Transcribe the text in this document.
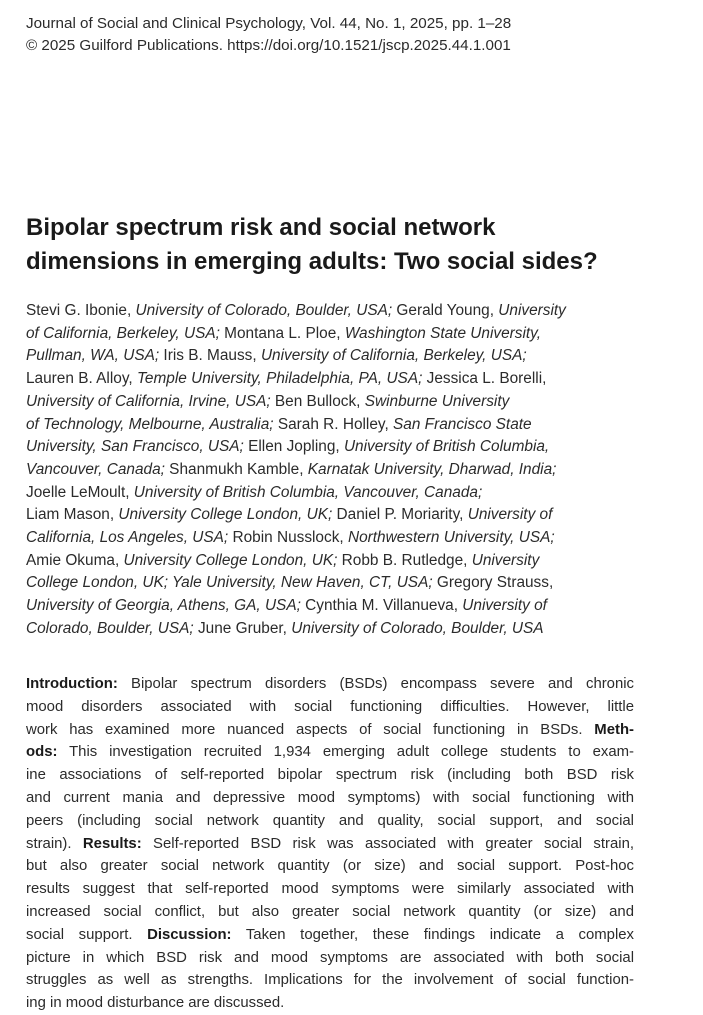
Journal of Social and Clinical Psychology, Vol. 44, No. 1, 2025, pp. 1–28
© 2025 Guilford Publications. https://doi.org/10.1521/jscp.2025.44.1.001
Bipolar spectrum risk and social network
dimensions in emerging adults: Two social sides?
Stevi G. Ibonie, University of Colorado, Boulder, USA; Gerald Young, University
of California, Berkeley, USA; Montana L. Ploe, Washington State University,
Pullman, WA, USA; Iris B. Mauss, University of California, Berkeley, USA;
Lauren B. Alloy, Temple University, Philadelphia, PA, USA; Jessica L. Borelli,
University of California, Irvine, USA; Ben Bullock, Swinburne University
of Technology, Melbourne, Australia; Sarah R. Holley, San Francisco State
University, San Francisco, USA; Ellen Jopling, University of British Columbia,
Vancouver, Canada; Shanmukh Kamble, Karnatak University, Dharwad, India;
Joelle LeMoult, University of British Columbia, Vancouver, Canada;
Liam Mason, University College London, UK; Daniel P. Moriarity, University of
California, Los Angeles, USA; Robin Nusslock, Northwestern University, USA;
Amie Okuma, University College London, UK; Robb B. Rutledge, University
College London, UK; Yale University, New Haven, CT, USA; Gregory Strauss,
University of Georgia, Athens, GA, USA; Cynthia M. Villanueva, University of
Colorado, Boulder, USA; June Gruber, University of Colorado, Boulder, USA
Introduction: Bipolar spectrum disorders (BSDs) encompass severe and chronic
mood disorders associated with social functioning difficulties. However, little
work has examined more nuanced aspects of social functioning in BSDs. Meth-
ods: This investigation recruited 1,934 emerging adult college students to exam-
ine associations of self-reported bipolar spectrum risk (including both BSD risk
and current mania and depressive mood symptoms) with social functioning with
peers (including social network quantity and quality, social support, and social
strain). Results: Self-reported BSD risk was associated with greater social strain,
but also greater social network quantity (or size) and social support. Post-hoc
results suggest that self-reported mood symptoms were similarly associated with
increased social conflict, but also greater social network quantity (or size) and
social support. Discussion: Taken together, these findings indicate a complex
picture in which BSD risk and mood symptoms are associated with both social
struggles as well as strengths. Implications for the involvement of social function-
ing in mood disturbance are discussed.
